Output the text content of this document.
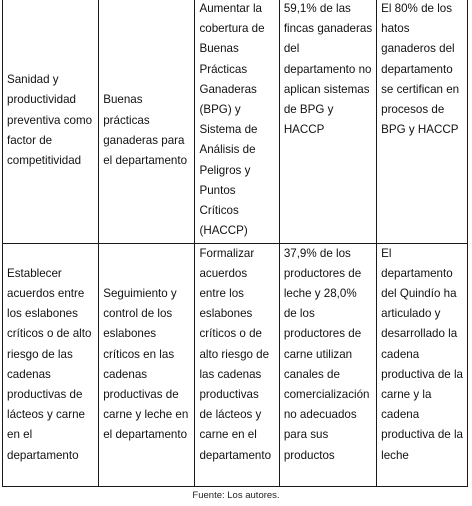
Sanidad y productividad preventiva como factor de competitividad	Buenas prácticas ganaderas para el departamento	Aumentar la cobertura de Buenas Prácticas Ganaderas (BPG) y Sistema de Análisis de Peligros y Puntos Críticos (HACCP)	59,1% de las fincas ganaderas del departamento no aplican sistemas de BPG y HACCP	El 80% de los hatos ganaderos del departamento se certifican en procesos de BPG y HACCP
Establecer acuerdos entre los eslabones críticos o de alto riesgo de las cadenas productivas de lácteos y carne en el departamento	Seguimiento y control de los eslabones críticos en las cadenas productivas de carne y leche en el departamento	Formalizar acuerdos entre los eslabones críticos o de alto riesgo de las cadenas productivas de lácteos y carne en el departamento	37,9% de los productores de leche y 28,0% de los productores de carne utilizan canales de comercialización no adecuados para sus productos	El departamento del Quindío ha articulado y desarrollado la cadena productiva de la carne y la cadena productiva de la leche
Fuente: Los autores.
